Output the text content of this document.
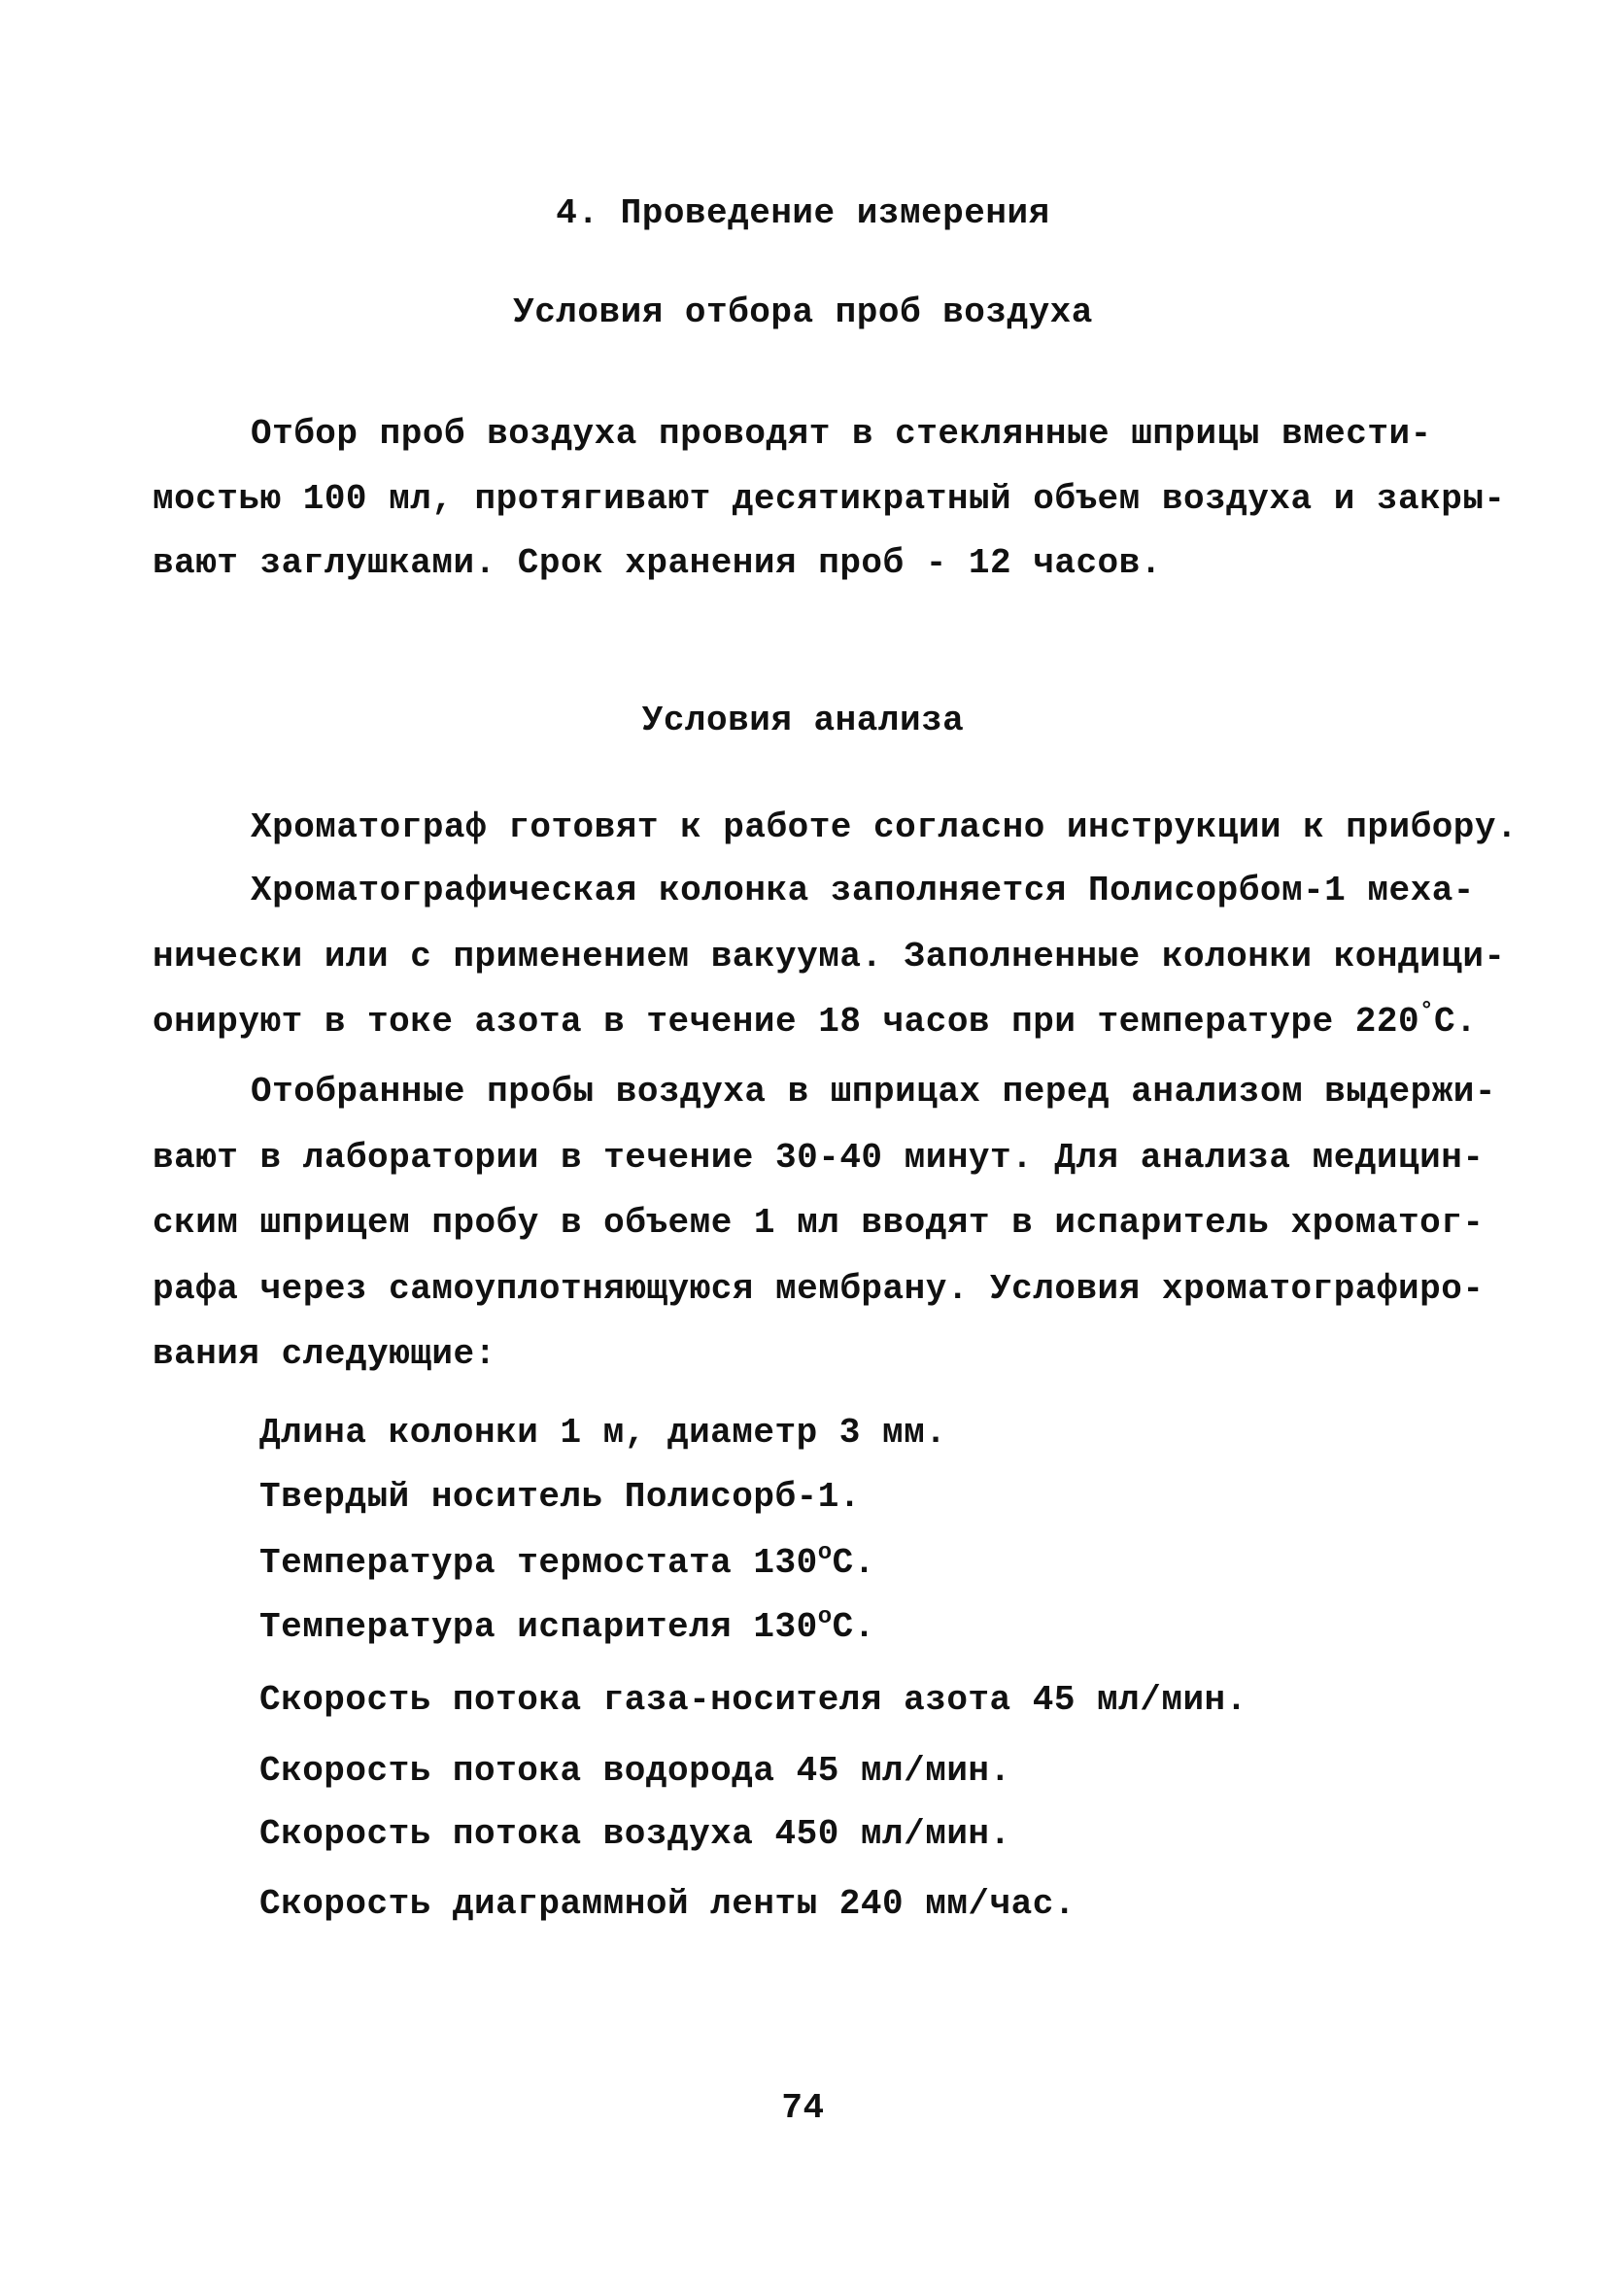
4. Проведение измерения
Условия отбора проб воздуха
Отбор проб воздуха проводят в стеклянные шприцы вмести-
мостью 100 мл, протягивают десятикратный объем воздуха и закры-
вают заглушками. Срок хранения проб - 12 часов.
Условия анализа
Хроматограф готовят к работе согласно инструкции к прибору.
Хроматографическая колонка заполняется Полисорбом-1 меха-
нически или с применением вакуума. Заполненные колонки кондици-
онируют в токе азота в течение 18 часов при температуре 220°С.
Отобранные пробы воздуха в шприцах перед анализом выдержи-
вают в лаборатории в течение 30-40 минут. Для анализа медицин-
ским шприцем пробу в объеме 1 мл вводят в испаритель хроматог-
рафа через самоуплотняющуюся мембрану. Условия хроматографиро-
вания следующие:
Длина колонки 1 м, диаметр 3 мм.
Твердый носитель Полисорб-1.
Температура термостата $130^оС$.
Температура испарителя $130^оС$.
Скорость потока газа-носителя азота 45 мл/мин.
Скорость потока водорода 45 мл/мин.
Скорость потока воздуха 450 мл/мин.
Скорость диаграммной ленты 240 мм/час.
74
